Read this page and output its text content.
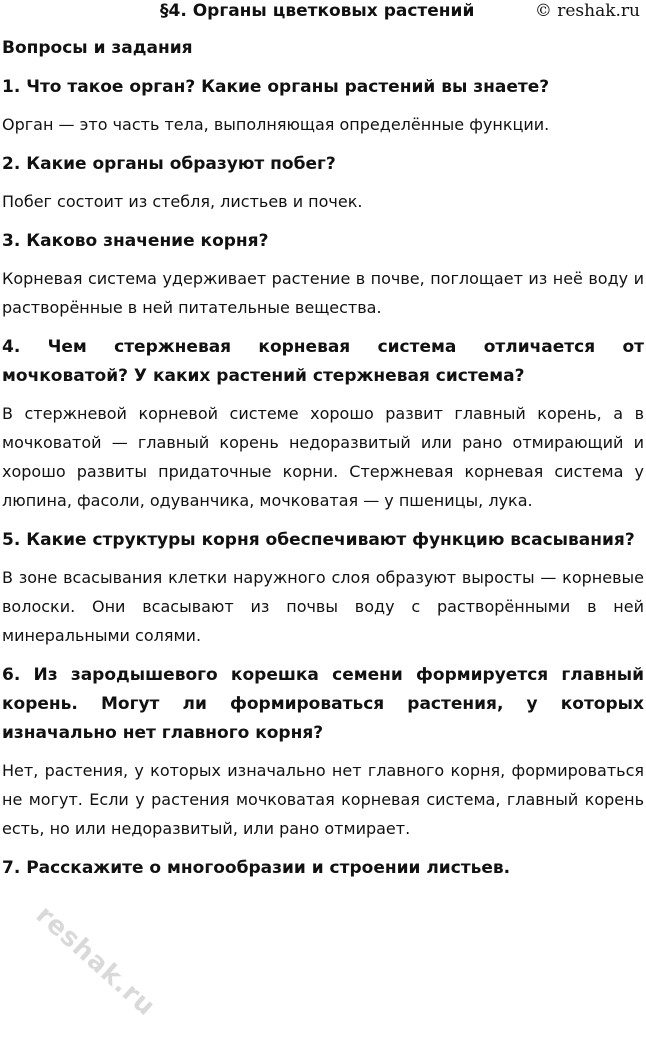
§4. Органы цветковых растений	© reshak.ru
Вопросы и задания
1. Что такое орган? Какие органы растений вы знаете?
Орган — это часть тела, выполняющая определённые функции.
2. Какие органы образуют побег?
Побег состоит из стебля, листьев и почек.
3. Каково значение корня?
Корневая система удерживает растение в почве, поглощает из неё воду и растворённые в ней питательные вещества.
4. Чем стержневая корневая система отличается от мочковатой? У каких растений стержневая система?
В стержневой корневой системе хорошо развит главный корень, а в мочковатой — главный корень недоразвитый или рано отмирающий и хорошо развиты придаточные корни. Стержневая корневая система у люпина, фасоли, одуванчика, мочковатая — у пшеницы, лука.
5. Какие структуры корня обеспечивают функцию всасывания?
В зоне всасывания клетки наружного слоя образуют выросты — корневые волоски. Они всасывают из почвы воду с растворёнными в ней минеральными солями.
6. Из зародышевого корешка семени формируется главный корень. Могут ли формироваться растения, у которых изначально нет главного корня?
Нет, растения, у которых изначально нет главного корня, формироваться не могут. Если у растения мочковатая корневая система, главный корень есть, но или недоразвитый, или рано отмирает.
7. Расскажите о многообразии и строении листьев.
reshak.ru
